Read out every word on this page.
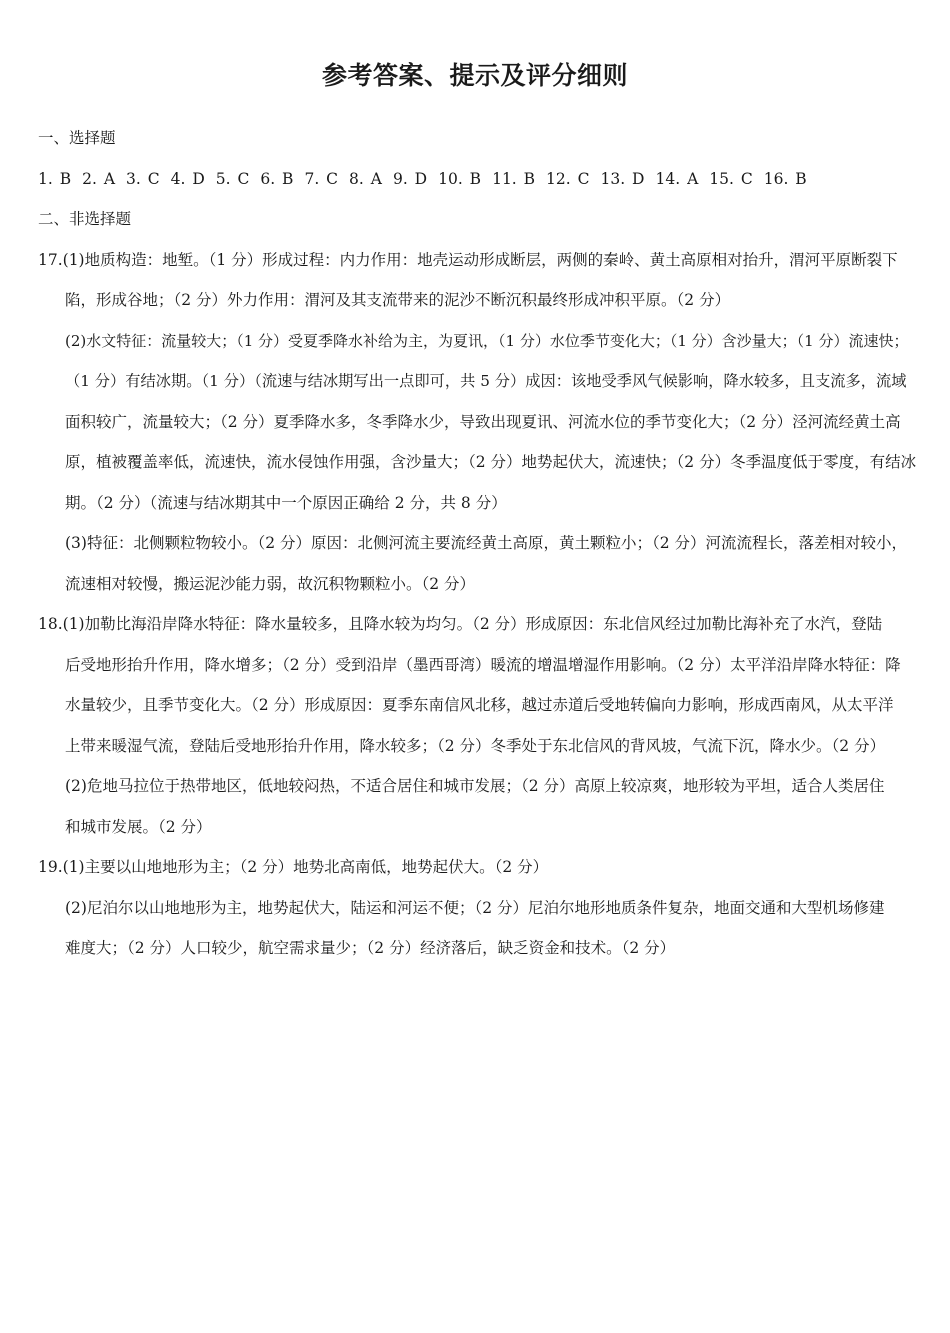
参考答案、提示及评分细则
一、选择题
1. B 2. A 3. C 4. D 5. C 6. B 7. C 8. A 9. D 10. B 11. B 12. C 13. D 14. A 15. C 16. B
二、非选择题
17.(1)地质构造：地堑。（1 分）形成过程：内力作用：地壳运动形成断层，两侧的秦岭、黄土高原相对抬升，渭河平原断裂下
陷，形成谷地；（2 分）外力作用：渭河及其支流带来的泥沙不断沉积最终形成冲积平原。（2 分）
(2)水文特征：流量较大；（1 分）受夏季降水补给为主，为夏讯，（1 分）水位季节变化大；（1 分）含沙量大；（1 分）流速快；
（1 分）有结冰期。（1 分）（流速与结冰期写出一点即可，共 5 分）成因：该地受季风气候影响，降水较多，且支流多，流域
面积较广，流量较大；（2 分）夏季降水多，冬季降水少，导致出现夏讯、河流水位的季节变化大；（2 分）泾河流经黄土高
原，植被覆盖率低，流速快，流水侵蚀作用强，含沙量大；（2 分）地势起伏大，流速快；（2 分）冬季温度低于零度，有结冰
期。（2 分）（流速与结冰期其中一个原因正确给 2 分，共 8 分）
(3)特征：北侧颗粒物较小。（2 分）原因：北侧河流主要流经黄土高原，黄土颗粒小；（2 分）河流流程长，落差相对较小，
流速相对较慢，搬运泥沙能力弱，故沉积物颗粒小。（2 分）
18.(1)加勒比海沿岸降水特征：降水量较多，且降水较为均匀。（2 分）形成原因：东北信风经过加勒比海补充了水汽，登陆
后受地形抬升作用，降水增多；（2 分）受到沿岸（墨西哥湾）暖流的增温增湿作用影响。（2 分）太平洋沿岸降水特征：降
水量较少，且季节变化大。（2 分）形成原因：夏季东南信风北移，越过赤道后受地转偏向力影响，形成西南风，从太平洋
上带来暖湿气流，登陆后受地形抬升作用，降水较多；（2 分）冬季处于东北信风的背风坡，气流下沉，降水少。（2 分）
(2)危地马拉位于热带地区，低地较闷热，不适合居住和城市发展；（2 分）高原上较凉爽，地形较为平坦，适合人类居住
和城市发展。（2 分）
19.(1)主要以山地地形为主；（2 分）地势北高南低，地势起伏大。（2 分）
(2)尼泊尔以山地地形为主，地势起伏大，陆运和河运不便；（2 分）尼泊尔地形地质条件复杂，地面交通和大型机场修建
难度大；（2 分）人口较少，航空需求量少；（2 分）经济落后，缺乏资金和技术。（2 分）
